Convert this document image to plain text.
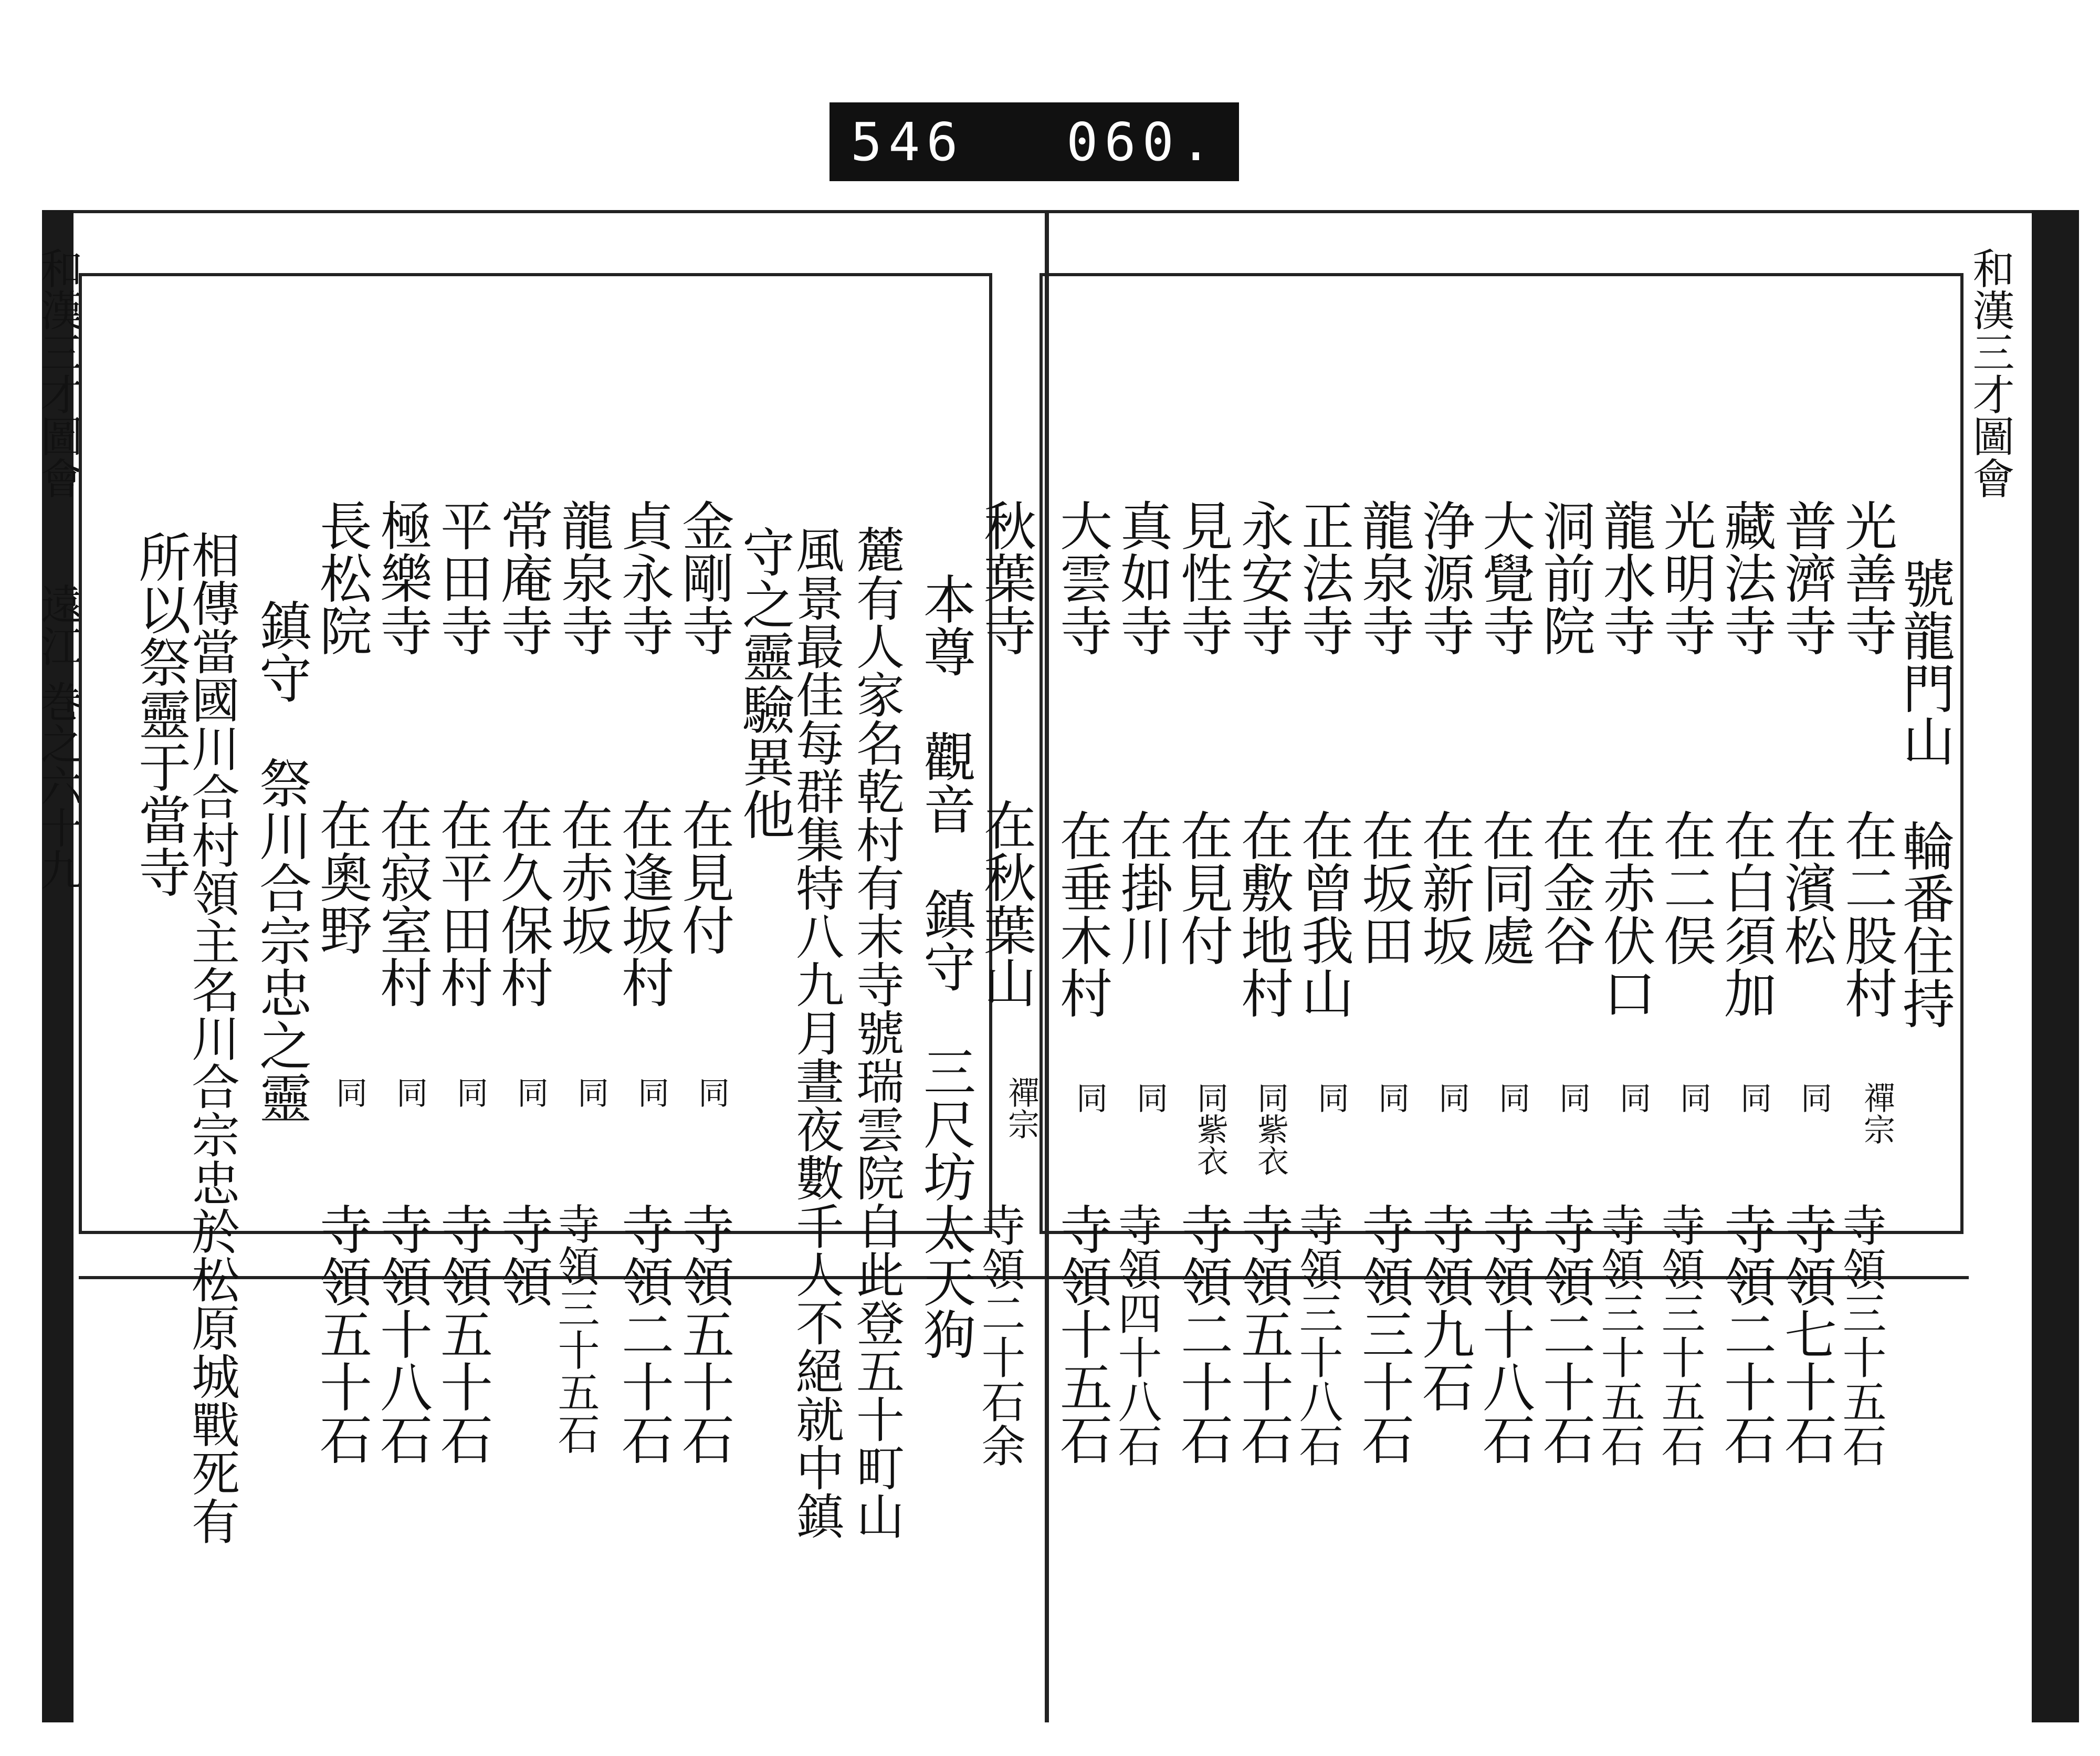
546 060.
和漢三才圖會　　遠江 巻之六十九
和漢三才圖會
秋葉寺
在秋葉山
禪宗
寺領二十石余
本尊　觀音　鎮守　三尺坊太天狗
麓有人家名乾村有末寺號瑞雲院自此登五十町山
風景最佳每群集特八九月晝夜數千人不絕就中鎮
守之靈驗異他
金剛寺
在見付
同
寺領五十石
貞永寺
在逢坂村
同
寺領二十石
龍泉寺
在赤坂
同
寺領三十五石
常庵寺
在久保村
同
寺領
平田寺
在平田村
同
寺領五十石
極樂寺
在寂室村
同
寺領十八石
長松院
在奧野
同
寺領五十石
鎮守　祭川合宗忠之靈
相傳當國川合村領主名川合宗忠於松原城戰死有
所以祭靈于當寺	號龍門山　輪番住持
光善寺
在二股村
禪宗
寺領三十五石
普濟寺
在濱松
同
寺領七十石
藏法寺
在白須加
同
寺領二十石
光明寺
在二俣
同
寺領三十五石
龍水寺
在赤伏口
同
寺領三十五石
洞前院
在金谷
同
寺領二十石
大覺寺
在同處
同
寺領十八石
浄源寺
在新坂
同
寺領九石
龍泉寺
在坂田
同
寺領三十石
正法寺
在曾我山
同
寺領三十八石
永安寺
在敷地村
同紫衣
寺領五十石
見性寺
在見付
同紫衣
寺領二十石
真如寺
在掛川
同
寺領四十八石
大雲寺
在垂木村
同
寺領十五石
